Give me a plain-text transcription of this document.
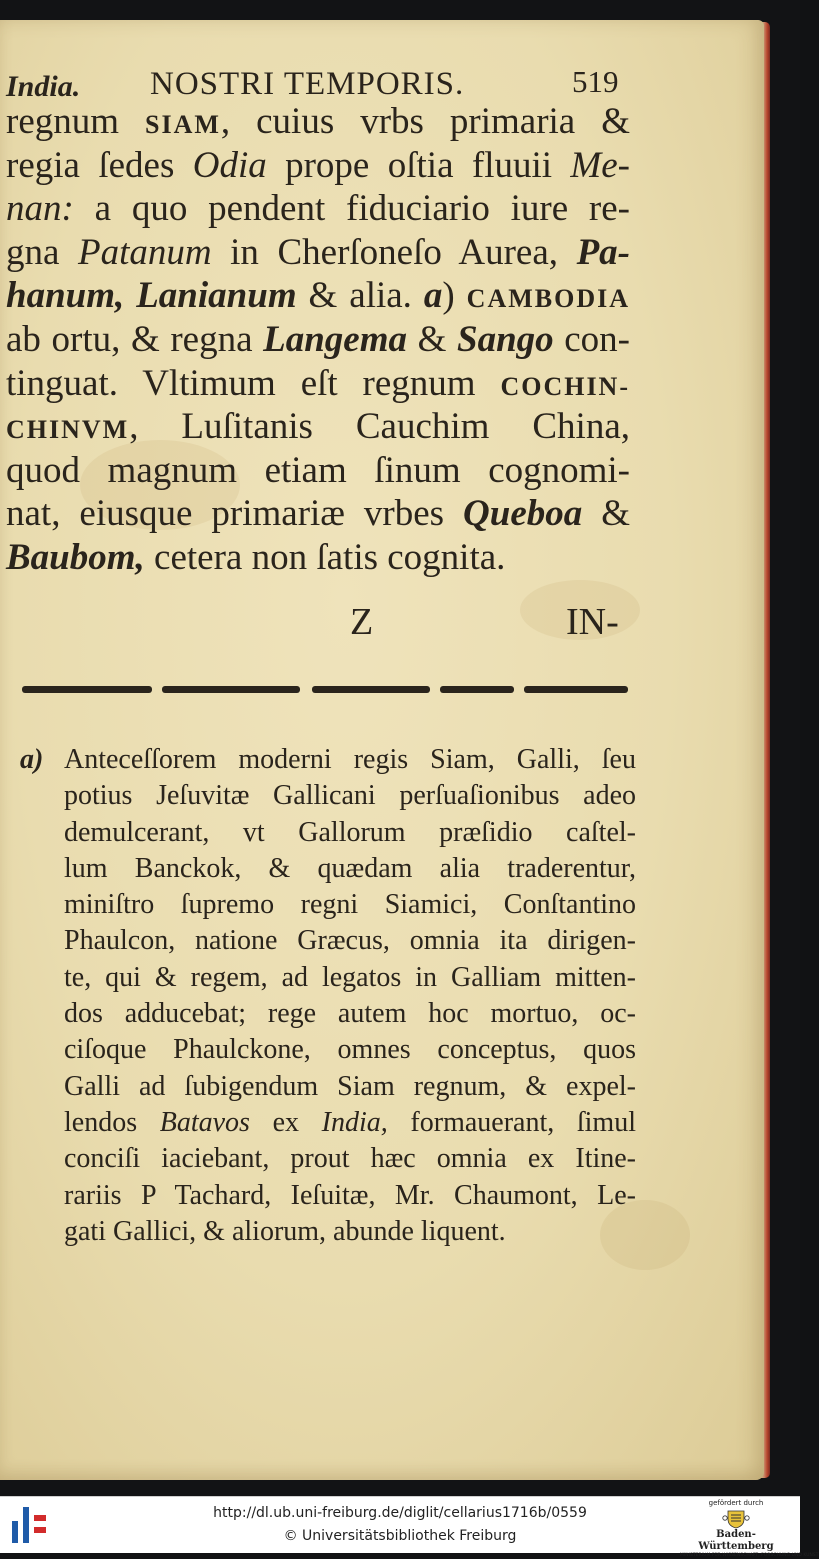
India. NOSTRI TEMPORIS.	519
regnum SIAM, cuius vrbs primaria &
regia ſedes Odia prope oſtia fluuii Me-
nan: a quo pendent fiduciario iure re-
gna Patanum in Cherſoneſo Aurea, Pa-
hanum, Lanianum & alia. a) CAMBODIA
ab ortu, & regna Langema & Sango con-
tinguat. Vltimum eſt regnum COCHIN-
CHINVM, Luſitanis Cauchim China,
quod magnum etiam ſinum cognomi-
nat, eiusque primariæ vrbes Queboa &
Baubom, cetera non ſatis cognita.
Z	IN-
a) Anteceſſorem moderni regis Siam, Galli, ſeu
potius Jeſuvitæ Gallicani perſuaſionibus adeo
demulcerant, vt Gallorum præſidio caſtel-
lum Banckok, & quædam alia traderentur,
miniſtro ſupremo regni Siamici, Conſtantino
Phaulcon, natione Græcus, omnia ita dirigen-
te, qui & regem, ad legatos in Galliam mitten-
dos adducebat; rege autem hoc mortuo, oc-
ciſoque Phaulckone, omnes conceptus, quos
Galli ad ſubigendum Siam regnum, & expel-
lendos Batavos ex India, formauerant, ſimul
conciſi iaciebant, prout hæc omnia ex Itine-
rariis P Tachard, Ieſuitæ, Mr. Chaumont, Le-
gati Gallici, & aliorum, abunde liquent.
http://dl.ub.uni-freiburg.de/diglit/cellarius1716b/0559
© Universitätsbibliothek Freiburg
gefördert durch
Baden-Württemberg
MINISTERIUM FÜR WISSENSCHAFT, FORSCHUNG UND KUNST
